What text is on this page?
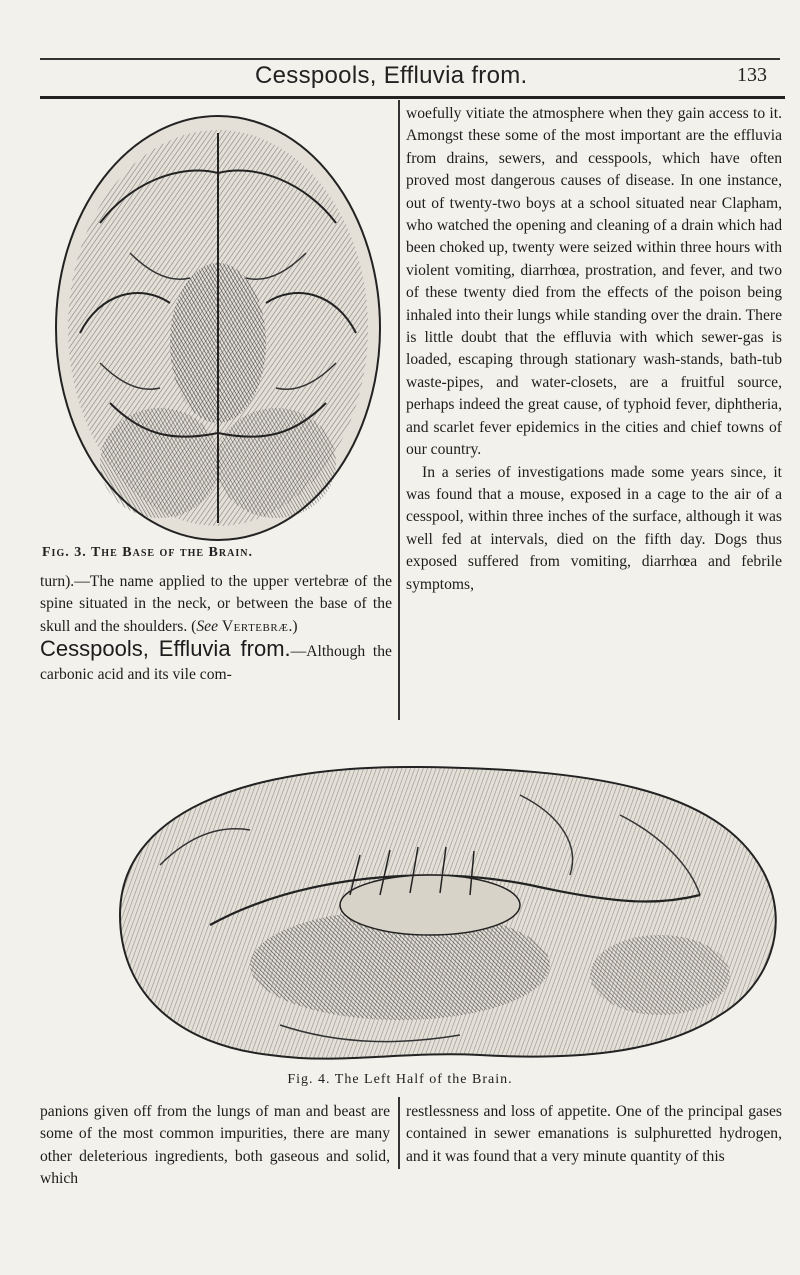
Cesspools, Effluvia from.	133
Fig. 3. The Base of the Brain.

turn).—The name applied to the upper vertebræ of the spine situated in the neck, or between the base of the skull and the shoulders. (See Vertebræ.)

Cesspools, Effluvia from.—Although the carbonic acid and its vile com-

woefully vitiate the atmosphere when they gain access to it. Amongst these some of the most important are the effluvia from drains, sewers, and cesspools, which have often proved most dangerous causes of disease. In one instance, out of twenty-two boys at a school situated near Clapham, who watched the opening and cleaning of a drain which had been choked up, twenty were seized within three hours with violent vomiting, diarrhœa, prostration, and fever, and two of these twenty died from the effects of the poison being inhaled into their lungs while standing over the drain. There is little doubt that the effluvia with which sewer-gas is loaded, escaping through stationary wash-stands, bath-tub waste-pipes, and water-closets, are a fruitful source, perhaps indeed the great cause, of typhoid fever, diphtheria, and scarlet fever epidemics in the cities and chief towns of our country.

In a series of investigations made some years since, it was found that a mouse, exposed in a cage to the air of a cesspool, within three inches of the surface, although it was well fed at intervals, died on the fifth day. Dogs thus exposed suffered from vomiting, diarrhœa and febrile symptoms,

Fig. 4. The Left Half of the Brain.
panions given off from the lungs of man and beast are some of the most common impurities, there are many other deleterious ingredients, both gaseous and solid, which
restlessness and loss of appetite. One of the principal gases contained in sewer emanations is sulphuretted hydrogen, and it was found that a very minute quantity of this
